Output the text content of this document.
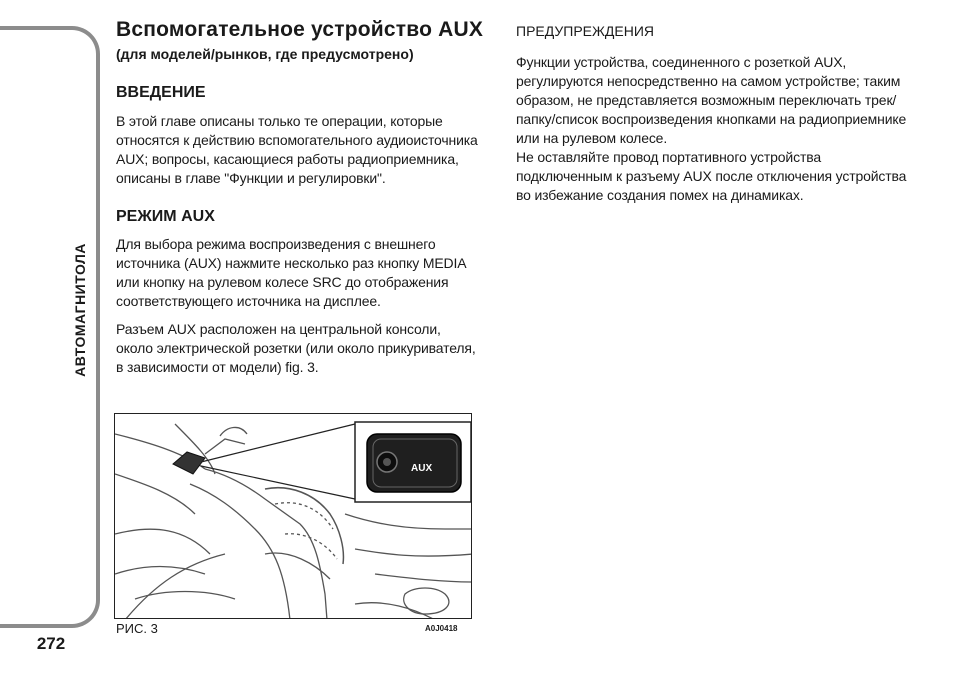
АВТОМАГНИТОЛА
272
Вспомогательное устройство AUX
(для моделей/рынков, где предусмотрено)
ВВЕДЕНИЕ

В этой главе описаны только те операции, которые относятся к действию вспомогательного аудиоисточника AUX; вопросы, касающиеся работы радиоприемника, описаны в главе "Функции и регулировки".

РЕЖИМ AUX

Для выбора режима воспроизведения с внешнего источника (AUX) нажмите несколько раз кнопку MEDIA или кнопку на рулевом колесе SRC до отображения соответствующего источника на дисплее.

Разъем AUX расположен на центральной консоли, около электрической розетки (или около прикуривателя, в зависимости от модели) fig. 3.

AUX
РИС. 3	A0J0418
ПРЕДУПРЕЖДЕНИЯ

Функции устройства, соединенного с розеткой AUX, регулируются непосредственно на самом устройстве; таким образом, не представляется возможным переключать трек/папку/список воспроизведения кнопками на радиоприемнике или на рулевом колесе.

Не оставляйте провод портативного устройства подключенным к разъему AUX после отключения устройства во избежание создания помех на динамиках.
